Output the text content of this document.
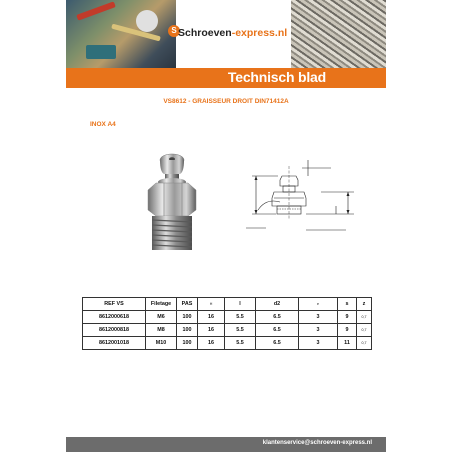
S Schroeven-express.nl
Technisch blad
VS8612 - GRAISSEUR DROIT DIN71412A
INOX A4
REF VS	Filetage	PAS	H	l	d2	e	s	z
8612000618	M6	100	16	5.5	6.5	3	9	0,7
8612000818	M8	100	16	5.5	6.5	3	9	0,7
8612001018	M10	100	16	5.5	6.5	3	11	0,7
klantenservice@schroeven-express.nl
